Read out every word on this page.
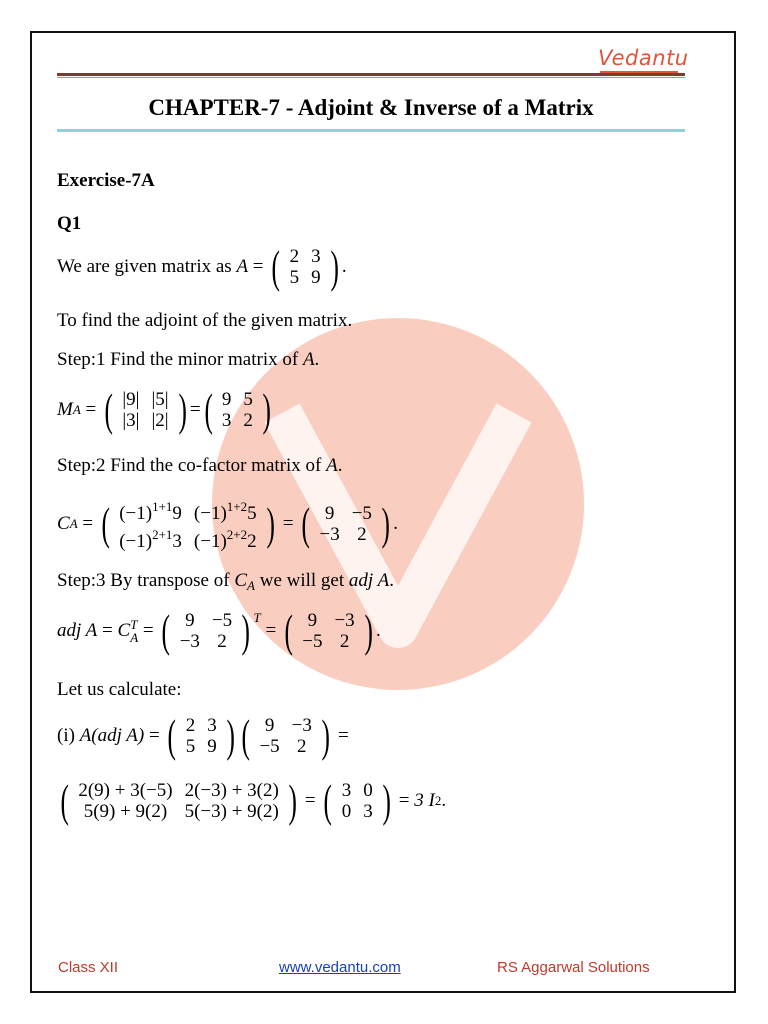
Vedantu
CHAPTER-7 - Adjoint & Inverse of a Matrix
Exercise-7A
Q1
We are given matrix as
A = ( 2	3
5	9 ) .
To find the adjoint of the given matrix.
Step:1 Find the minor matrix of A.
M A = ( |9|	|5|
|3|	|2| ) = ( 9	5
3	2 )
Step:2 Find the co-factor matrix of A.
C A = ( $(-1)^{1+1}9$	$(-1)^{1+2}5$
$(-1)^{2+1}3$	$(-1)^{2+2}2$ ) = ( 9	−5
−3	2 ) .
Step:3 By transpose of $C_A$ we will get adj A.
adj A = C T
A = ( 9	−5
−3	2 ) T
= ( 9	−3
−5	2 ) .
Let us calculate:
(i)
A(adj A) = ( 2	3
5	9 ) ( 9	−3
−5	2 ) =
( 2(9) + 3(−5)	2(−3) + 3(2)
5(9) + 9(2)	5(−3) + 9(2) ) = ( 3	0
0	3 ) = 3 I 2 .
Class XII	www.vedantu.com	RS Aggarwal Solutions
